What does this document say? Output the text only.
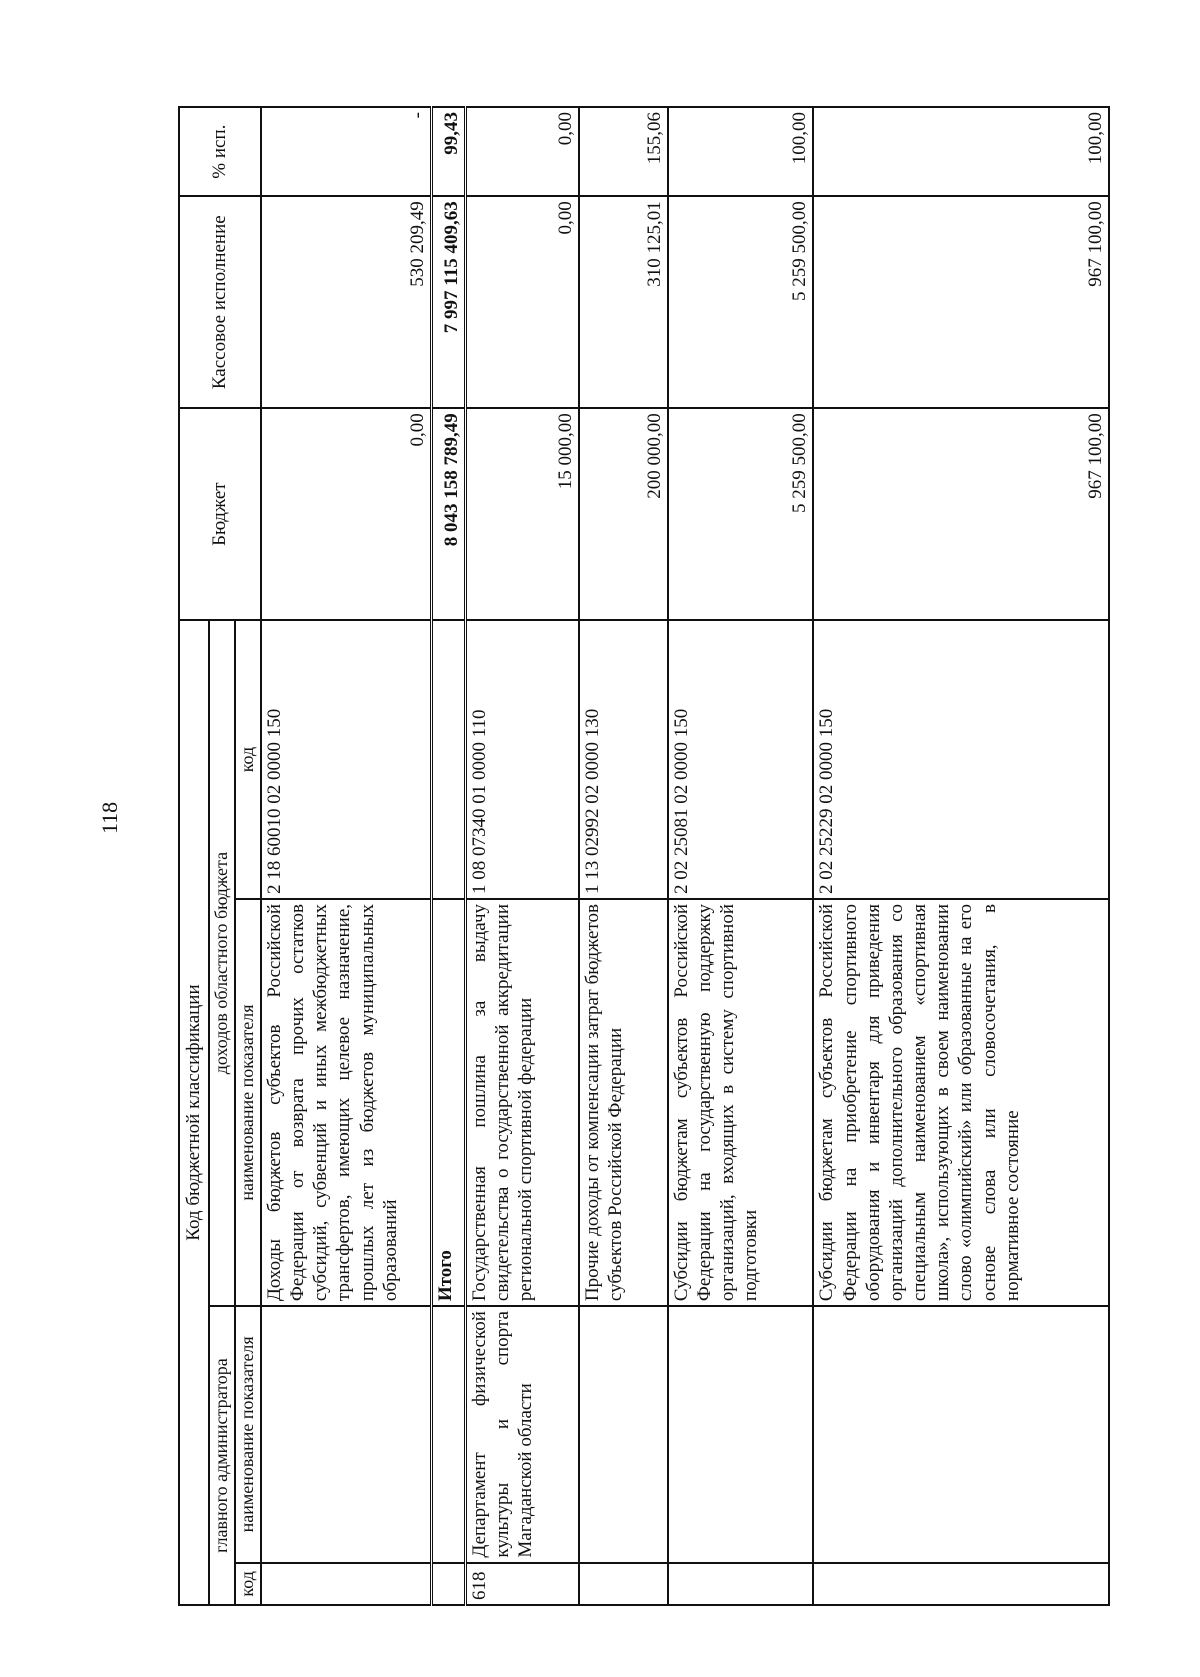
118
Код бюджетной классификации				Бюджет	Кассовое исполнение	% исп.
главного администратора		доходов областного бюджета				
код	наименование показателя	наименование показателя	код			
		Доходы бюджетов субъектов Российской Федерации от возврата прочих остатков субсидий, субвенций и иных межбюджетных трансфертов, имеющих целевое назначение, прошлых лет из бюджетов муниципальных образований	2 18 60010 02 0000 150	0,00	530 209,49	-
		Итого		8 043 158 789,49	7 997 115 409,63	99,43
618	Департамент физической культуры и спорта Магаданской области	Государственная пошлина за выдачу свидетельства о государственной аккредитации региональной спортивной федерации	1 08 07340 01 0000 110	15 000,00	0,00	0,00
		Прочие доходы от компенсации затрат бюджетов субъектов Российской Федерации	1 13 02992 02 0000 130	200 000,00	310 125,01	155,06
		Субсидии бюджетам субъектов Российской Федерации на государственную поддержку организаций, входящих в систему спортивной подготовки	2 02 25081 02 0000 150	5 259 500,00	5 259 500,00	100,00
		Субсидии бюджетам субъектов Российской Федерации на приобретение спортивного оборудования и инвентаря для приведения организаций дополнительного образования со специальным наименованием «спортивная школа», использующих в своем наименовании слово «олимпийский» или образованные на его основе слова или словосочетания, в нормативное состояние	2 02 25229 02 0000 150	967 100,00	967 100,00	100,00
